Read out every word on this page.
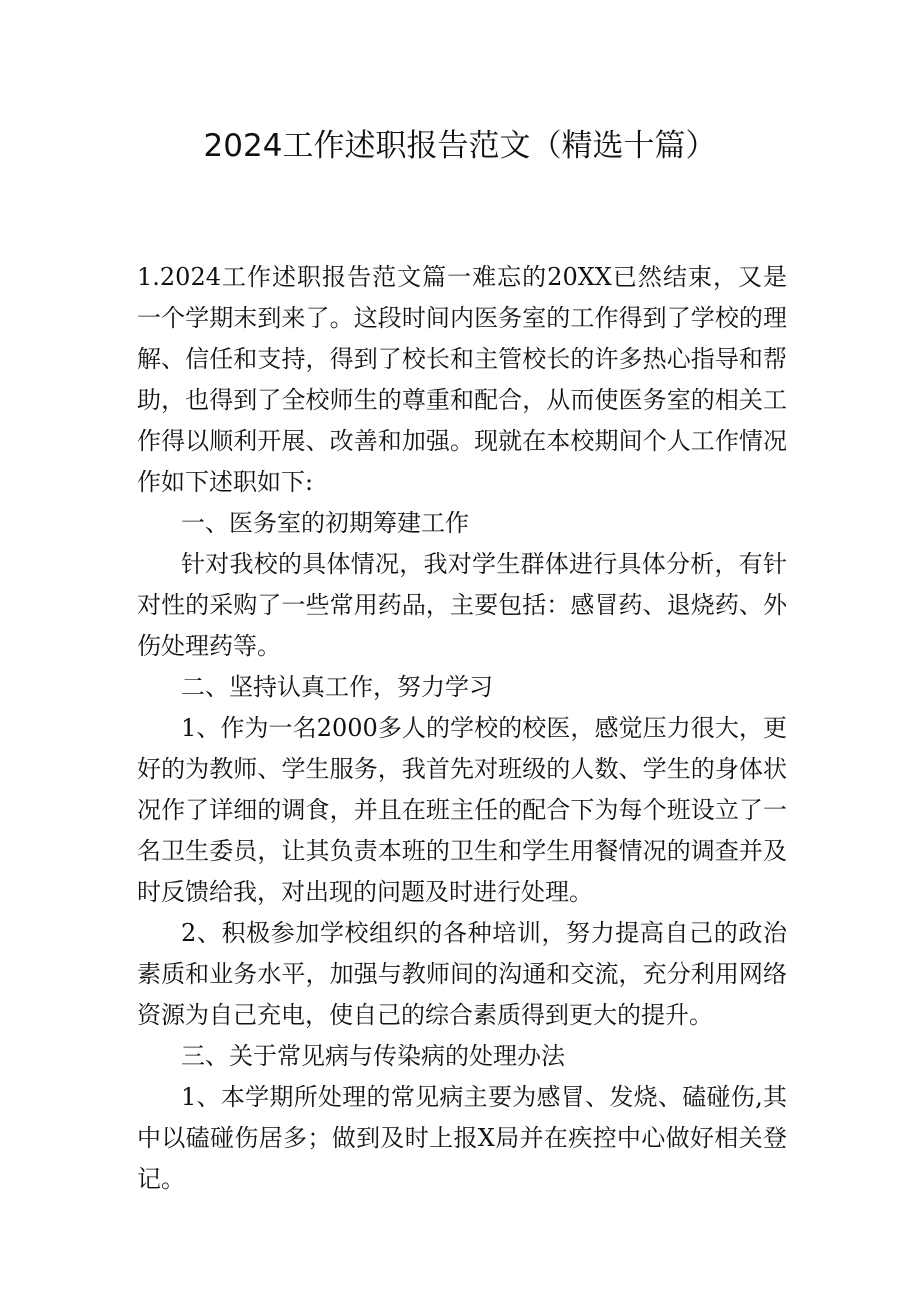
2024工作述职报告范文（精选十篇）

1.2024工作述职报告范文篇一难忘的20XX已然结束，又是一个学期末到来了。这段时间内医务室的工作得到了学校的理解、信任和支持，得到了校长和主管校长的许多热心指导和帮助，也得到了全校师生的尊重和配合，从而使医务室的相关工作得以顺利开展、改善和加强。现就在本校期间个人工作情况作如下述职如下:

一、医务室的初期筹建工作

针对我校的具体情况，我对学生群体进行具体分析，有针对性的采购了一些常用药品，主要包括：感冒药、退烧药、外伤处理药等。

二、坚持认真工作，努力学习

1、作为一名2000多人的学校的校医，感觉压力很大，更好的为教师、学生服务，我首先对班级的人数、学生的身体状况作了详细的调食，并且在班主任的配合下为每个班设立了一名卫生委员，让其负责本班的卫生和学生用餐情况的调查并及时反馈给我，对出现的问题及时进行处理。

2、积极参加学校组织的各种培训，努力提高自己的政治素质和业务水平，加强与教师间的沟通和交流，充分利用网络资源为自己充电，使自己的综合素质得到更大的提升。

三、关于常见病与传染病的处理办法

1、本学期所处理的常见病主要为感冒、发烧、磕碰伤,其中以磕碰伤居多；做到及时上报X局并在疾控中心做好相关登记。
